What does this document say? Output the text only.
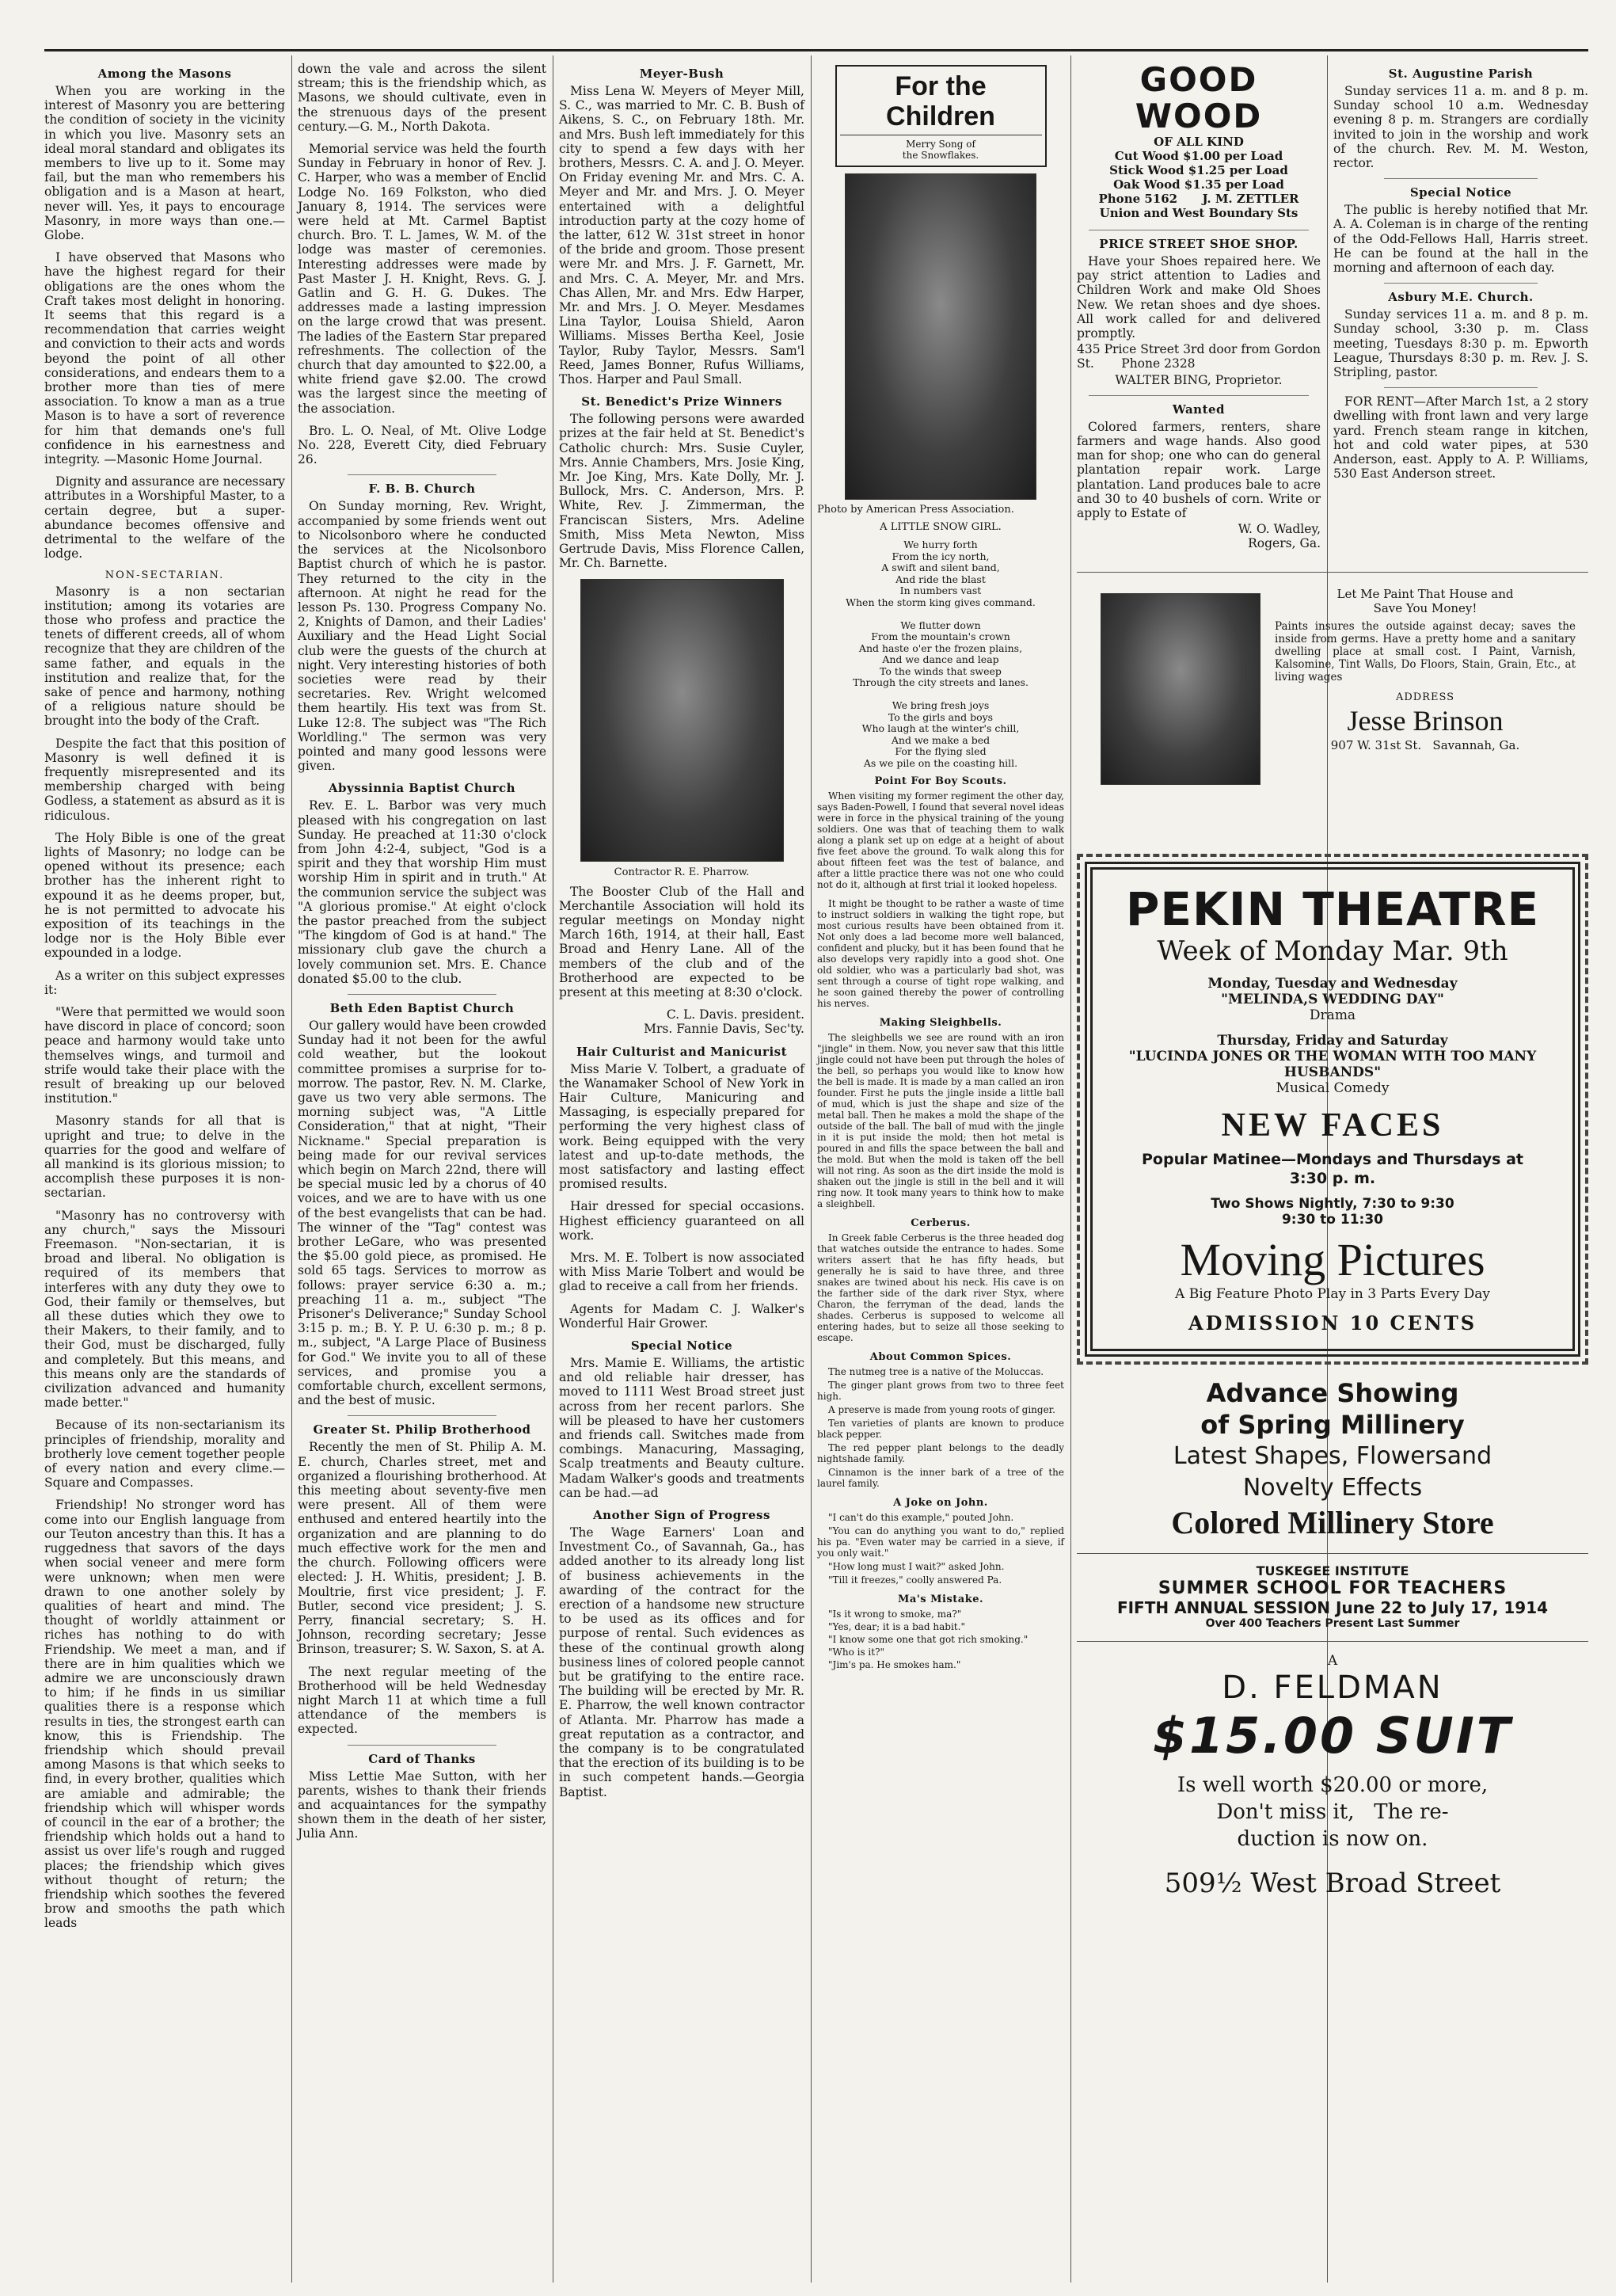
Among the Masons

When you are working in the interest of Masonry you are bettering the condition of society in the vicinity in which you live. Masonry sets an ideal moral standard and obligates its members to live up to it. Some may fail, but the man who remembers his obligation and is a Mason at heart, never will. Yes, it pays to encourage Masonry, in more ways than one.—Globe.

I have observed that Masons who have the highest regard for their obligations are the ones whom the Craft takes most delight in honoring. It seems that this regard is a recommendation that carries weight and conviction to their acts and words beyond the point of all other considerations, and endears them to a brother more than ties of mere association. To know a man as a true Mason is to have a sort of reverence for him that demands one's full confidence in his earnestness and integrity. —Masonic Home Journal.

Dignity and assurance are necessary attributes in a Worshipful Master, to a certain degree, but a super-abundance becomes offensive and detrimental to the welfare of the lodge.

NON-SECTARIAN.

Masonry is a non sectarian institution; among its votaries are those who profess and practice the tenets of different creeds, all of whom recognize that they are children of the same father, and equals in the institution and realize that, for the sake of pence and harmony, nothing of a religious nature should be brought into the body of the Craft.

Despite the fact that this position of Masonry is well defined it is frequently misrepresented and its membership charged with being Godless, a statement as absurd as it is ridiculous.

The Holy Bible is one of the great lights of Masonry; no lodge can be opened without its presence; each brother has the inherent right to expound it as he deems proper, but, he is not permitted to advocate his exposition of its teachings in the lodge nor is the Holy Bible ever expounded in a lodge.

As a writer on this subject expresses it:

"Were that permitted we would soon have discord in place of concord; soon peace and harmony would take unto themselves wings, and turmoil and strife would take their place with the result of breaking up our beloved institution."

Masonry stands for all that is upright and true; to delve in the quarries for the good and welfare of all mankind is its glorious mission; to accomplish these purposes it is non-sectarian.

"Masonry has no controversy with any church," says the Missouri Freemason. "Non-sectarian, it is broad and liberal. No obligation is required of its members that interferes with any duty they owe to God, their family or themselves, but all these duties which they owe to their Makers, to their family, and to their God, must be discharged, fully and completely. But this means, and this means only are the standards of civilization advanced and humanity made better."

Because of its non-sectarianism its principles of friendship, morality and brotherly love cement together people of every nation and every clime.—Square and Compasses.

Friendship! No stronger word has come into our English language from our Teuton ancestry than this. It has a ruggedness that savors of the days when social veneer and mere form were unknown; when men were drawn to one another solely by qualities of heart and mind. The thought of worldly attainment or riches has nothing to do with Friendship. We meet a man, and if there are in him qualities which we admire we are unconsciously drawn to him; if he finds in us similiar qualities there is a response which results in ties, the strongest earth can know, this is Friendship. The friendship which should prevail among Masons is that which seeks to find, in every brother, qualities which are amiable and admirable; the friendship which will whisper words of council in the ear of a brother; the friendship which holds out a hand to assist us over life's rough and rugged places; the friendship which gives without thought of return; the friendship which soothes the fevered brow and smooths the path which leads

down the vale and across the silent stream; this is the friendship which, as Masons, we should cultivate, even in the strenuous days of the present century.—G. M., North Dakota.

Memorial service was held the fourth Sunday in February in honor of Rev. J. C. Harper, who was a member of Enclid Lodge No. 169 Folkston, who died January 8, 1914. The services were were held at Mt. Carmel Baptist church. Bro. T. L. James, W. M. of the lodge was master of ceremonies. Interesting addresses were made by Past Master J. H. Knight, Revs. G. J. Gatlin and G. H. G. Dukes. The addresses made a lasting impression on the large crowd that was present. The ladies of the Eastern Star prepared refreshments. The collection of the church that day amounted to $22.00, a white friend gave $2.00. The crowd was the largest since the meeting of the association.

Bro. L. O. Neal, of Mt. Olive Lodge No. 228, Everett City, died February 26.

F. B. B. Church

On Sunday morning, Rev. Wright, accompanied by some friends went out to Nicolsonboro where he conducted the services at the Nicolsonboro Baptist church of which he is pastor. They returned to the city in the afternoon. At night he read for the lesson Ps. 130. Progress Company No. 2, Knights of Damon, and their Ladies' Auxiliary and the Head Light Social club were the guests of the church at night. Very interesting histories of both societies were read by their secretaries. Rev. Wright welcomed them heartily. His text was from St. Luke 12:8. The subject was "The Rich Worldling." The sermon was very pointed and many good lessons were given.

Abyssinnia Baptist Church

Rev. E. L. Barbor was very much pleased with his congregation on last Sunday. He preached at 11:30 o'clock from John 4:2-4, subject, "God is a spirit and they that worship Him must worship Him in spirit and in truth." At the communion service the subject was "A glorious promise." At eight o'clock the pastor preached from the subject "The kingdom of God is at hand." The missionary club gave the church a lovely communion set. Mrs. E. Chance donated $5.00 to the club.

Beth Eden Baptist Church

Our gallery would have been crowded Sunday had it not been for the awful cold weather, but the lookout committee promises a surprise for to-morrow. The pastor, Rev. N. M. Clarke, gave us two very able sermons. The morning subject was, "A Little Consideration," that at night, "Their Nickname." Special preparation is being made for our revival services which begin on March 22nd, there will be special music led by a chorus of 40 voices, and we are to have with us one of the best evangelists that can be had. The winner of the "Tag" contest was brother LeGare, who was presented the $5.00 gold piece, as promised. He sold 65 tags. Services to morrow as follows: prayer service 6:30 a. m.; preaching 11 a. m., subject "The Prisoner's Deliverance;" Sunday School 3:15 p. m.; B. Y. P. U. 6:30 p. m.; 8 p. m., subject, "A Large Place of Business for God." We invite you to all of these services, and promise you a comfortable church, excellent sermons, and the best of music.

Greater St. Philip Brotherhood

Recently the men of St. Philip A. M. E. church, Charles street, met and organized a flourishing brotherhood. At this meeting about seventy-five men were present. All of them were enthused and entered heartily into the organization and are planning to do much effective work for the men and the church. Following officers were elected: J. H. Whitis, president; J. B. Moultrie, first vice president; J. F. Butler, second vice president; J. S. Perry, financial secretary; S. H. Johnson, recording secretary; Jesse Brinson, treasurer; S. W. Saxon, S. at A.

The next regular meeting of the Brotherhood will be held Wednesday night March 11 at which time a full attendance of the members is expected.

Card of Thanks

Miss Lettie Mae Sutton, with her parents, wishes to thank their friends and acquaintances for the sympathy shown them in the death of her sister, Julia Ann.

Meyer-Bush

Miss Lena W. Meyers of Meyer Mill, S. C., was married to Mr. C. B. Bush of Aikens, S. C., on February 18th. Mr. and Mrs. Bush left immediately for this city to spend a few days with her brothers, Messrs. C. A. and J. O. Meyer. On Friday evening Mr. and Mrs. C. A. Meyer and Mr. and Mrs. J. O. Meyer entertained with a delightful introduction party at the cozy home of the latter, 612 W. 31st street in honor of the bride and groom. Those present were Mr. and Mrs. J. F. Garnett, Mr. and Mrs. C. A. Meyer, Mr. and Mrs. Chas Allen, Mr. and Mrs. Edw Harper, Mr. and Mrs. J. O. Meyer. Mesdames Lina Taylor, Louisa Shield, Aaron Williams. Misses Bertha Keel, Josie Taylor, Ruby Taylor, Messrs. Sam'l Reed, James Bonner, Rufus Williams, Thos. Harper and Paul Small.

St. Benedict's Prize Winners

The following persons were awarded prizes at the fair held at St. Benedict's Catholic church: Mrs. Susie Cuyler, Mrs. Annie Chambers, Mrs. Josie King, Mr. Joe King, Mrs. Kate Dolly, Mr. J. Bullock, Mrs. C. Anderson, Mrs. P. White, Rev. J. Zimmerman, the Franciscan Sisters, Mrs. Adeline Smith, Miss Meta Newton, Miss Gertrude Davis, Miss Florence Callen, Mr. Ch. Barnette.

Contractor R. E. Pharrow.

The Booster Club of the Hall and Merchantile Association will hold its regular meetings on Monday night March 16th, 1914, at their hall, East Broad and Henry Lane. All of the members of the club and of the Brotherhood are expected to be present at this meeting at 8:30 o'clock.

C. L. Davis. president.
Mrs. Fannie Davis, Sec'ty.
Hair Culturist and Manicurist

Miss Marie V. Tolbert, a graduate of the Wanamaker School of New York in Hair Culture, Manicuring and Massaging, is especially prepared for performing the very highest class of work. Being equipped with the very latest and up-to-date methods, the most satisfactory and lasting effect promised results.

Hair dressed for special occasions. Highest efficiency guaranteed on all work.

Mrs. M. E. Tolbert is now associated with Miss Marie Tolbert and would be glad to receive a call from her friends.

Agents for Madam C. J. Walker's Wonderful Hair Grower.

Special Notice

Mrs. Mamie E. Williams, the artistic and old reliable hair dresser, has moved to 1111 West Broad street just across from her recent parlors. She will be pleased to have her customers and friends call. Switches made from combings. Manacuring, Massaging, Scalp treatments and Beauty culture. Madam Walker's goods and treatments can be had.—ad

Another Sign of Progress

The Wage Earners' Loan and Investment Co., of Savannah, Ga., has added another to its already long list of business achievements in the awarding of the contract for the erection of a handsome new structure to be used as its offices and for purpose of rental. Such evidences as these of the continual growth along business lines of colored people cannot but be gratifying to the entire race. The building will be erected by Mr. R. E. Pharrow, the well known contractor of Atlanta. Mr. Pharrow has made a great reputation as a contractor, and the company is to be congratulated that the erection of its building is to be in such competent hands.—Georgia Baptist.

For the Children
Merry Song of
the Snowflakes.
Photo by American Press Association.
A LITTLE SNOW GIRL.
We hurry forth
From the icy north,
A swift and silent band,
And ride the blast
In numbers vast
When the storm king gives command.

We flutter down
From the mountain's crown
And haste o'er the frozen plains,
And we dance and leap
To the winds that sweep
Through the city streets and lanes.

We bring fresh joys
To the girls and boys
Who laugh at the winter's chill,
And we make a bed
For the flying sled
As we pile on the coasting hill.
Point For Boy Scouts.

When visiting my former regiment the other day, says Baden-Powell, I found that several novel ideas were in force in the physical training of the young soldiers. One was that of teaching them to walk along a plank set up on edge at a height of about five feet above the ground. To walk along this for about fifteen feet was the test of balance, and after a little practice there was not one who could not do it, although at first trial it looked hopeless.

It might be thought to be rather a waste of time to instruct soldiers in walking the tight rope, but most curious results have been obtained from it. Not only does a lad become more well balanced, confident and plucky, but it has been found that he also develops very rapidly into a good shot. One old soldier, who was a particularly bad shot, was sent through a course of tight rope walking, and he soon gained thereby the power of controlling his nerves.

Making Sleighbells.

The sleighbells we see are round with an iron "jingle" in them. Now, you never saw that this little jingle could not have been put through the holes of the bell, so perhaps you would like to know how the bell is made. It is made by a man called an iron founder. First he puts the jingle inside a little ball of mud, which is just the shape and size of the metal ball. Then he makes a mold the shape of the outside of the ball. The ball of mud with the jingle in it is put inside the mold; then hot metal is poured in and fills the space between the ball and the mold. But when the mold is taken off the bell will not ring. As soon as the dirt inside the mold is shaken out the jingle is still in the bell and it will ring now. It took many years to think how to make a sleighbell.

Cerberus.

In Greek fable Cerberus is the three headed dog that watches outside the entrance to hades. Some writers assert that he has fifty heads, but generally he is said to have three, and three snakes are twined about his neck. His cave is on the farther side of the dark river Styx, where Charon, the ferryman of the dead, lands the shades. Cerberus is supposed to welcome all entering hades, but to seize all those seeking to escape.

About Common Spices.

The nutmeg tree is a native of the Moluccas.

The ginger plant grows from two to three feet high.

A preserve is made from young roots of ginger.

Ten varieties of plants are known to produce black pepper.

The red pepper plant belongs to the deadly nightshade family.

Cinnamon is the inner bark of a tree of the laurel family.

A Joke on John.

"I can't do this example," pouted John.

"You can do anything you want to do," replied his pa. "Even water may be carried in a sieve, if you only wait."

"How long must I wait?" asked John.

"Till it freezes," coolly answered Pa.

Ma's Mistake.

"Is it wrong to smoke, ma?"

"Yes, dear; it is a bad habit."

"I know some one that got rich smoking."

"Who is it?"

"Jim's pa. He smokes ham."

GOOD WOOD
OF ALL KIND
Cut Wood $1.00 per Load
Stick Wood $1.25 per Load
Oak Wood $1.35 per Load
Phone 5162      J. M. ZETTLER
Union and West Boundary Sts
PRICE STREET SHOE SHOP.

Have your Shoes repaired here. We pay strict attention to Ladies and Children Work and make Old Shoes New. We retan shoes and dye shoes. All work called for and delivered promptly.

435 Price Street 3rd door from Gordon St.       Phone 2328

WALTER BING, Proprietor.
Wanted

Colored farmers, renters, share farmers and wage hands. Also good man for shop; one who can do general plantation repair work. Large plantation. Land produces bale to acre and 30 to 40 bushels of corn. Write or apply to Estate of

W. O. Wadley,
Rogers, Ga.
St. Augustine Parish

Sunday services 11 a. m. and 8 p. m. Sunday school 10 a.m. Wednesday evening 8 p. m. Strangers are cordially invited to join in the worship and work of the church. Rev. M. M. Weston, rector.

Special Notice

The public is hereby notified that Mr. A. A. Coleman is in charge of the renting of the Odd-Fellows Hall, Harris street. He can be found at the hall in the morning and afternoon of each day.

Asbury M.E. Church.

Sunday services 11 a. m. and 8 p. m. Sunday school, 3:30 p. m. Class meeting, Tuesdays 8:30 p. m. Epworth League, Thursdays 8:30 p. m. Rev. J. S. Stripling, pastor.

FOR RENT—After March 1st, a 2 story dwelling with front lawn and very large yard. French steam range in kitchen, hot and cold water pipes, at 530 Anderson, east. Apply to A. P. Williams, 530 East Anderson street.

Let Me Paint That House and
Save You Money!
Paints insures the outside against decay; saves the inside from germs. Have a pretty home and a sanitary dwelling place at small cost. I Paint, Varnish, Kalsomine, Tint Walls, Do Floors, Stain, Grain, Etc., at living wages
ADDRESS
Jesse Brinson
907 W. 31st St.   Savannah, Ga.
PEKIN THEATRE
Week of Monday Mar. 9th
Monday, Tuesday and Wednesday
"MELINDA,S WEDDING DAY"
Drama
Thursday, Friday and Saturday
"LUCINDA JONES OR THE WOMAN WITH TOO MANY HUSBANDS"
Musical Comedy
NEW FACES
Popular Matinee—Mondays and Thursdays at 3:30 p. m.
Two Shows Nightly, 7:30 to 9:30
9:30 to 11:30
Moving Pictures
A Big Feature Photo Play in 3 Parts Every Day
ADMISSION 10 CENTS
Advance Showing
of Spring Millinery
Latest Shapes, Flowersand
Novelty Effects
Colored Millinery Store
TUSKEGEE INSTITUTE
SUMMER SCHOOL FOR TEACHERS
FIFTH ANNUAL SESSION June 22 to July 17, 1914
Over 400 Teachers Present Last Summer
A
D. FELDMAN
$15.00 SUIT
Is well worth $20.00 or more,
Don't miss it,   The re-
duction is now on.
509½ West Broad Street
